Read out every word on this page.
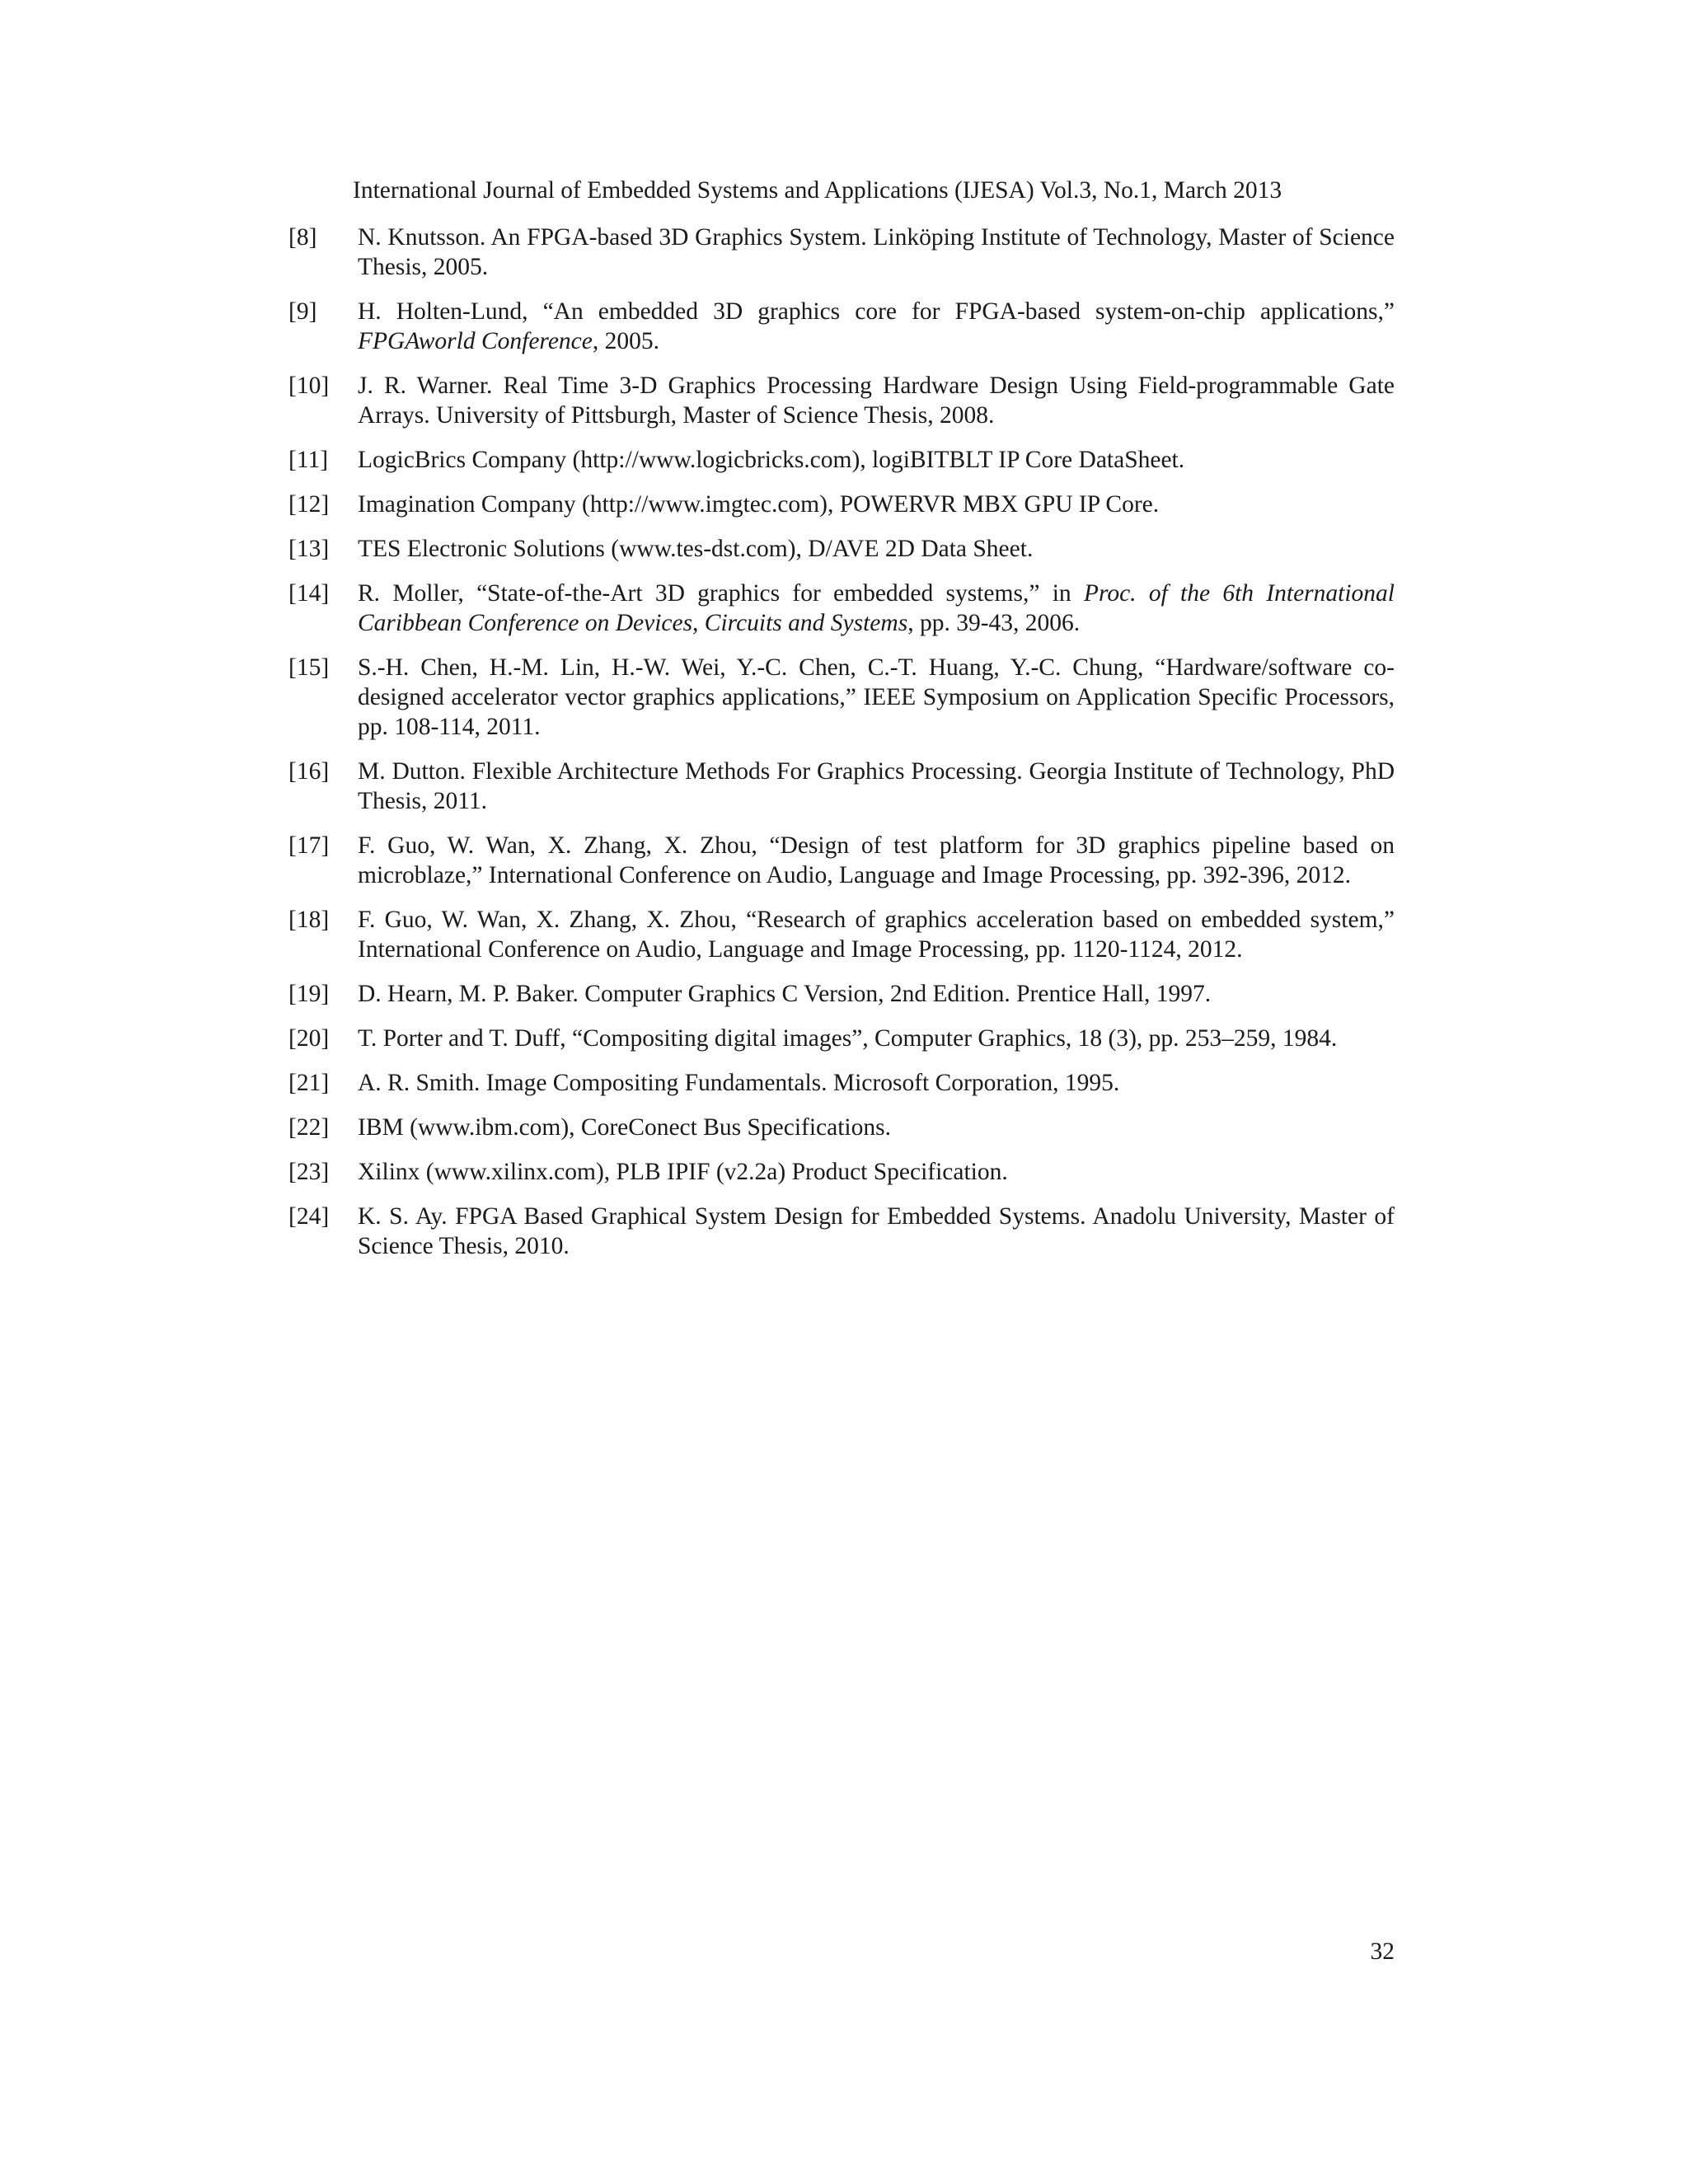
International Journal of Embedded Systems and Applications (IJESA) Vol.3, No.1, March 2013
[8] N. Knutsson. An FPGA-based 3D Graphics System. Linköping Institute of Technology, Master of Science Thesis, 2005.
[9] H. Holten-Lund, “An embedded 3D graphics core for FPGA-based system-on-chip applications,” FPGAworld Conference, 2005.
[10] J. R. Warner. Real Time 3-D Graphics Processing Hardware Design Using Field-programmable Gate Arrays. University of Pittsburgh, Master of Science Thesis, 2008.
[11] LogicBrics Company (http://www.logicbricks.com), logiBITBLT IP Core DataSheet.
[12] Imagination Company (http://www.imgtec.com), POWERVR MBX GPU IP Core.
[13] TES Electronic Solutions (www.tes-dst.com), D/AVE 2D Data Sheet.
[14] R. Moller, “State-of-the-Art 3D graphics for embedded systems,” in Proc. of the 6th International Caribbean Conference on Devices, Circuits and Systems, pp. 39-43, 2006.
[15] S.-H. Chen, H.-M. Lin, H.-W. Wei, Y.-C. Chen, C.-T. Huang, Y.-C. Chung, “Hardware/software co-designed accelerator vector graphics applications,” IEEE Symposium on Application Specific Processors, pp. 108-114, 2011.
[16] M. Dutton. Flexible Architecture Methods For Graphics Processing. Georgia Institute of Technology, PhD Thesis, 2011.
[17] F. Guo, W. Wan, X. Zhang, X. Zhou, “Design of test platform for 3D graphics pipeline based on microblaze,” International Conference on Audio, Language and Image Processing, pp. 392-396, 2012.
[18] F. Guo, W. Wan, X. Zhang, X. Zhou, “Research of graphics acceleration based on embedded system,” International Conference on Audio, Language and Image Processing, pp. 1120-1124, 2012.
[19] D. Hearn, M. P. Baker. Computer Graphics C Version, 2nd Edition. Prentice Hall, 1997.
[20] T. Porter and T. Duff, “Compositing digital images”, Computer Graphics, 18 (3), pp. 253–259, 1984.
[21] A. R. Smith. Image Compositing Fundamentals. Microsoft Corporation, 1995.
[22] IBM (www.ibm.com), CoreConect Bus Specifications.
[23] Xilinx (www.xilinx.com), PLB IPIF (v2.2a) Product Specification.
[24] K. S. Ay. FPGA Based Graphical System Design for Embedded Systems. Anadolu University, Master of Science Thesis, 2010.
32
